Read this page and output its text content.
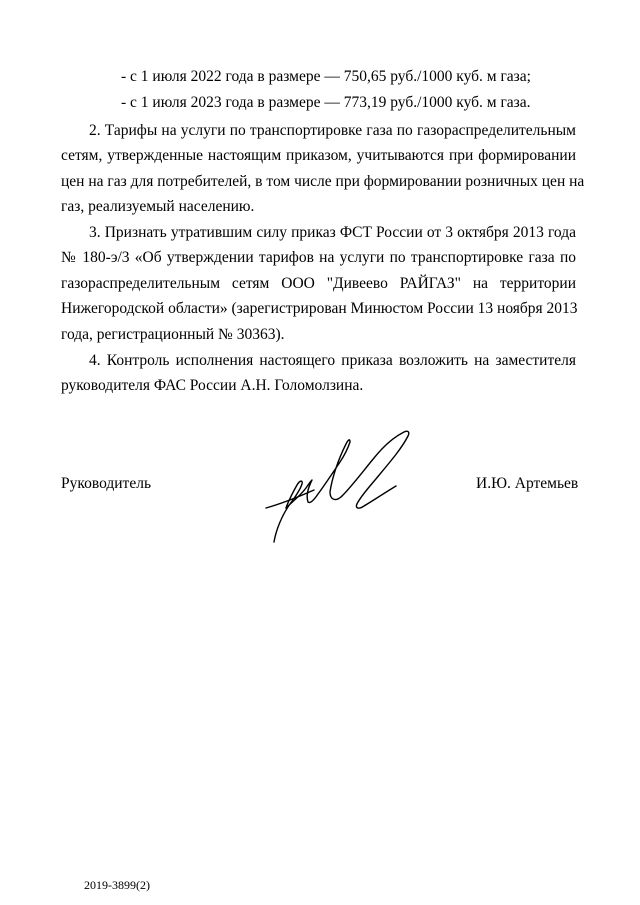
- с 1 июля 2022 года в размере — 750,65 руб./1000 куб. м газа;
- с 1 июля 2023 года в размере — 773,19 руб./1000 куб. м газа.
2. Тарифы на услуги по транспортировке газа по газораспределительным
сетям, утвержденные настоящим приказом, учитываются при формировании
цен на газ для потребителей, в том числе при формировании розничных цен на
газ, реализуемый населению.
3. Признать утратившим силу приказ ФСТ России от 3 октября 2013 года
№ 180-э/3 «Об утверждении тарифов на услуги по транспортировке газа по
газораспределительным сетям ООО "Дивеево РАЙГАЗ" на территории
Нижегородской области» (зарегистрирован Минюстом России 13 ноября 2013
года, регистрационный № 30363).
4. Контроль исполнения настоящего приказа возложить на заместителя
руководителя ФАС России А.Н. Голомолзина.
Руководитель	И.Ю. Артемьев
2019-3899(2)
